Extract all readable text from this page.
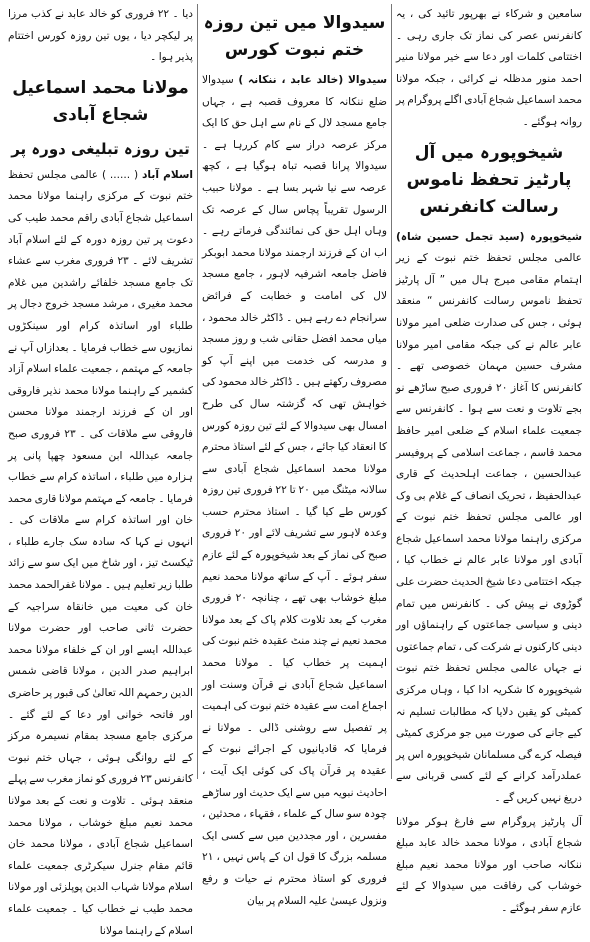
سامعین و شرکاء نے بھرپور تائید کی ، یہ کانفرنس عصر کی نماز تک جاری رہی ۔ اختتامی کلمات اور دعا سے خیر مولانا منیر احمد منور مدظلہ نے کرائی ، جبکہ مولانا محمد اسماعیل شجاع آبادی اگلے پروگرام پر روانہ ہوگئے ۔

شیخوپورہ میں آل پارٹیز تحفظ ناموس رسالت کانفرنس

شیخوپورہ (سید تجمل حسین شاہ) عالمی مجلس تحفظ ختم نبوت کے زیر اہتمام مقامی میرج ہال میں ” آل پارٹیز تحفظ ناموس رسالت کانفرنس “ منعقد ہوئی ، جس کی صدارت ضلعی امیر مولانا عابر عالم نے کی جبکہ مقامی امیر مولانا مشرف حسین مہمان خصوصی تھے ۔ کانفرنس کا آغاز ۲۰ فروری صبح ساڑھے نو بجے تلاوت و نعت سے ہوا ۔ کانفرنس سے جمعیت علماء اسلام کے ضلعی امیر حافظ محمد قاسم ، جماعت اسلامی کے پروفیسر عبدالحسین ، جماعت اہلحدیث کے قاری عبدالحفیظ ، تحریک انصاف کے غلام بی وک اور عالمی مجلس تحفظ ختم نبوت کے مرکزی راہنما مولانا محمد اسماعیل شجاع آبادی اور مولانا عابر عالم نے خطاب کیا ، جبکہ اختتامی دعا شیخ الحدیث حضرت علی گوڑوی نے پیش کی ۔ کانفرنس میں تمام دینی و سیاسی جماعتوں کے راہنماؤں اور دینی کارکنوں نے شرکت کی ، تمام جماعتوں نے جہاں عالمی مجلس تحفظ ختم نبوت شیخوپورہ کا شکریہ ادا کیا ، وہاں مرکزی کمیٹی کو یقین دلایا کہ مطالبات تسلیم نہ کیے جانے کی صورت میں جو مرکزی کمیٹی فیصلہ کرے گی مسلمانان شیخوپورہ اس پر عملدرآمد کرانے کے لئے کسی قربانی سے دریغ نہیں کریں گے ۔

آل پارٹیز پروگرام سے فارغ ہوکر مولانا شجاع آبادی ، مولانا محمد خالد عابد مبلغ ننکانہ صاحب اور مولانا محمد نعیم مبلغ خوشاب کی رفاقت میں سیدوالا کے لئے عازم سفر ہوگئے ۔

سیدوالا میں تین روزہ ختم نبوت کورس

سیدوالا (خالد عابد ، ننکانہ ) سیدوالا ضلع ننکانہ کا معروف قصبہ ہے ، جہاں جامع مسجد لال کے نام سے اہل حق کا ایک مرکز عرصہ دراز سے کام کررہا ہے ۔ سیدوالا پرانا قصبہ تباہ ہوگیا ہے ، کچھ عرصہ سے نیا شہر بسا ہے ۔ مولانا حبیب الرسول تقریباً پچاس سال کے عرصہ تک وہاں اہل حق کی نمائندگی فرماتے رہے ۔ اب ان کے فرزند ارجمند مولانا محمد ابوبکر فاضل جامعہ اشرفیہ لاہور ، جامع مسجد لال کی امامت و خطابت کے فرائض سرانجام دے رہے ہیں ۔ ڈاکٹر خالد محمود ، میاں محمد افضل حقانی شب و روز مسجد و مدرسہ کی خدمت میں اپنے آپ کو مصروف رکھتے ہیں ۔ ڈاکٹر خالد محمود کی خواہش تھی کہ گزشتہ سال کی طرح امسال بھی سیدوالا کے لئے تین روزہ کورس کا انعقاد کیا جائے ، جس کے لئے استاذ محترم مولانا محمد اسماعیل شجاع آبادی سے سالانہ میٹنگ میں ۲۰ تا ۲۲ فروری تین روزہ کورس طے کیا گیا ۔ استاذ محترم حسب وعدہ لاہور سے تشریف لائے اور ۲۰ فروری صبح کی نماز کے بعد شیخوپورہ کے لئے عازم سفر ہوئے ۔ آپ کے ساتھ مولانا محمد نعیم مبلغ خوشاب بھی تھے ، چنانچہ ۲۰ فروری مغرب کے بعد تلاوت کلام پاک کے بعد مولانا محمد نعیم نے چند منٹ عقیدہ ختم نبوت کی اہمیت پر خطاب کیا ۔ مولانا محمد اسماعیل شجاع آبادی نے قرآن وسنت اور اجماع امت سے عقیدہ ختم نبوت کی اہمیت پر تفصیل سے روشنی ڈالی ۔ مولانا نے فرمایا کہ قادیانیوں کے اجرائے نبوت کے عقیدہ پر قرآن پاک کی کوئی ایک آیت ، احادیث نبویہ میں سے ایک حدیث اور ساڑھے چودہ سو سال کے علماء ، فقہاء ، محدثین ، مفسرین ، اور مجددین میں سے کسی ایک مسلمہ بزرگ کا قول ان کے پاس نہیں ، ۲۱ فروری کو استاذ محترم نے حیات و رفع ونزول عیسیٰ علیہ السلام پر بیان

دیا ۔ ۲۲ فروری کو خالد عابد نے کذب مرزا پر لیکچر دیا ، یوں تین روزہ کورس اختتام پذیر ہوا ۔

مولانا محمد اسماعیل شجاع آبادی
تین روزہ تبلیغی دورہ پر

اسلام آباد ( ...... ) عالمی مجلس تحفظ ختم نبوت کے مرکزی راہنما مولانا محمد اسماعیل شجاع آبادی راقم محمد طیب کی دعوت پر تین روزہ دورہ کے لئے اسلام آباد تشریف لائے ۔ ۲۳ فروری مغرب سے عشاء تک جامع مسجد خلفائے راشدین میں غلام محمد مغیری ، مرشد مسجد خروج دجال پر طلباء اور اساتذہ کرام اور سینکڑوں نمازیوں سے خطاب فرمایا ۔ بعدازاں آپ نے جامعہ کے مہتمم ، جمعیت علماء اسلام آزاد کشمیر کے راہنما مولانا محمد نذیر فاروقی اور ان کے فرزند ارجمند مولانا محسن فاروقی سے ملاقات کی ۔ ۲۳ فروری صبح جامعہ عبداللہ ابن مسعود چھپا پانی پر ہزارہ میں طلباء ، اساتذہ کرام سے خطاب فرمایا ۔ جامعہ کے مہتمم مولانا قاری محمد خان اور اساتذہ کرام سے ملاقات کی ۔ انہوں نے کہا کہ سادہ سک جارے طلباء ، ٹیکسٹ تیز ، اور شاخ میں ایک سو سے زائد طلبا زیر تعلیم ہیں ۔ مولانا غفرالحمد محمد خان کی معیت میں خانقاہ سراجیہ کے حضرت ثانی صاحب اور حضرت مولانا عبداللہ ایسے اور ان کے خلفاء مولانا محمد ابراہیم صدر الدین ، مولانا قاضی شمس الدین رحمہم اللہ تعالیٰ کی قبور پر حاضری اور فاتحہ خوانی اور دعا کے لئے گئے ۔ مرکزی جامع مسجد بمقام نسیمرہ مرکز کے لئے روانگی ہوئی ، جہاں ختم نبوت کانفرنس ۲۳ فروری کو نماز مغرب سے پہلے منعقد ہوئی ۔ تلاوت و نعت کے بعد مولانا محمد نعیم مبلغ خوشاب ، مولانا محمد اسماعیل شجاع آبادی ، مولانا محمد خان قائم مقام جنرل سیکرٹری جمعیت علماء اسلام مولانا شہاب الدین پوپلزئی اور مولانا محمد طیب نے خطاب کیا ۔ جمعیت علماء اسلام کے راہنما مولانا
